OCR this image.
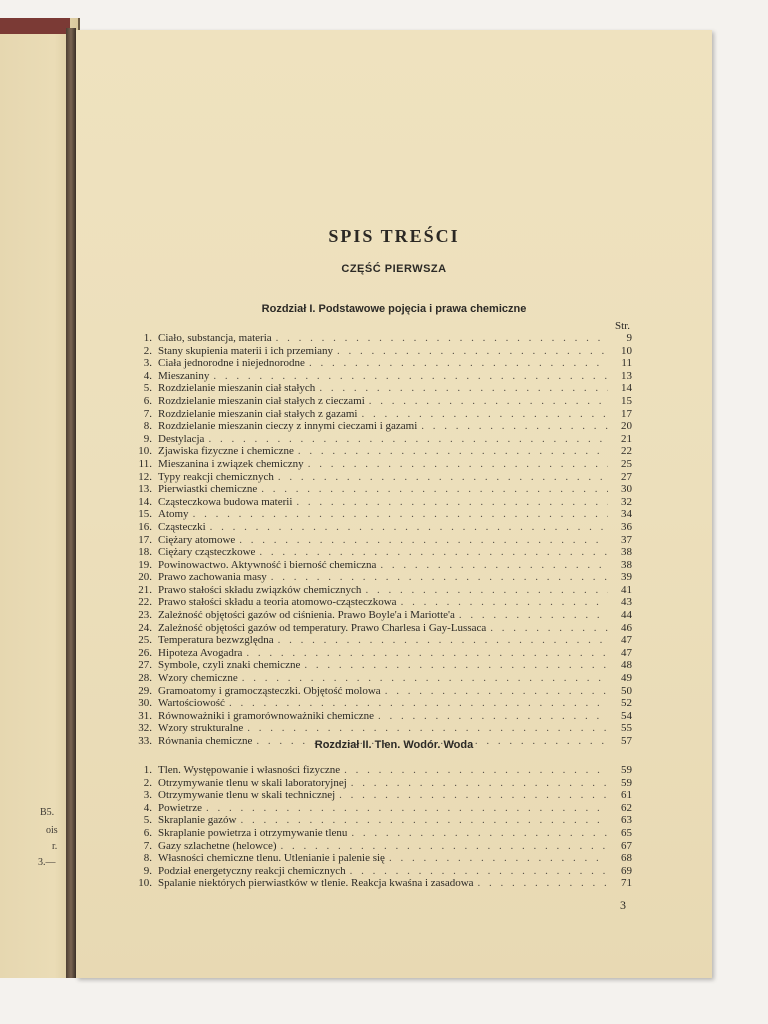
B5.
ois
r.
3.—
SPIS TREŚCI
CZĘŚĆ PIERWSZA
Rozdział I. Podstawowe pojęcia i prawa chemiczne
Str.
1. Ciało, substancja, materia . . .	9
2. Stany skupienia materii i ich przemiany . . .	10
3. Ciała jednorodne i niejednorodne . . .	11
4. Mieszaniny . . .	13
5. Rozdzielanie mieszanin ciał stałych . . .	14
6. Rozdzielanie mieszanin ciał stałych z cieczami . . .	15
7. Rozdzielanie mieszanin ciał stałych z gazami . . .	17
8. Rozdzielanie mieszanin cieczy z innymi cieczami i gazami . . .	20
9. Destylacja . . .	21
10. Zjawiska fizyczne i chemiczne . . .	22
11. Mieszanina i związek chemiczny . . .	25
12. Typy reakcji chemicznych . . .	27
13. Pierwiastki chemiczne . . .	30
14. Cząsteczkowa budowa materii . . .	32
15. Atomy . . .	34
16. Cząsteczki . . .	36
17. Ciężary atomowe . . .	37
18. Ciężary cząsteczkowe . . .	38
19. Powinowactwo. Aktywność i bierność chemiczna . . .	38
20. Prawo zachowania masy . . .	39
21. Prawo stałości składu związków chemicznych . . .	41
22. Prawo stałości składu a teoria atomowo-cząsteczkowa . . .	43
23. Zależność objętości gazów od ciśnienia. Prawo Boyle'a i Mariotte'a . . .	44
24. Zależność objętości gazów od temperatury. Prawo Charlesa i Gay-Lussaca . . .	46
25. Temperatura bezwzględna . . .	47
26. Hipoteza Avogadra . . .	47
27. Symbole, czyli znaki chemiczne . . .	48
28. Wzory chemiczne . . .	49
29. Gramoatomy i gramocząsteczki. Objętość molowa . . .	50
30. Wartościowość . . .	52
31. Równoważniki i gramorównoważniki chemiczne . . .	54
32. Wzory strukturalne . . .	55
33. Równania chemiczne . . .	57
Rozdział II. Tlen. Wodór. Woda
1. Tlen. Występowanie i własności fizyczne . . .	59
2. Otrzymywanie tlenu w skali laboratoryjnej . . .	59
3. Otrzymywanie tlenu w skali technicznej . . .	61
4. Powietrze . . .	62
5. Skraplanie gazów . . .	63
6. Skraplanie powietrza i otrzymywanie tlenu . . .	65
7. Gazy szlachetne (helowce) . . .	67
8. Własności chemiczne tlenu. Utlenianie i palenie się . . .	68
9. Podział energetyczny reakcji chemicznych . . .	69
10. Spalanie niektórych pierwiastków w tlenie. Reakcja kwaśna i zasadowa . . .	71
3
